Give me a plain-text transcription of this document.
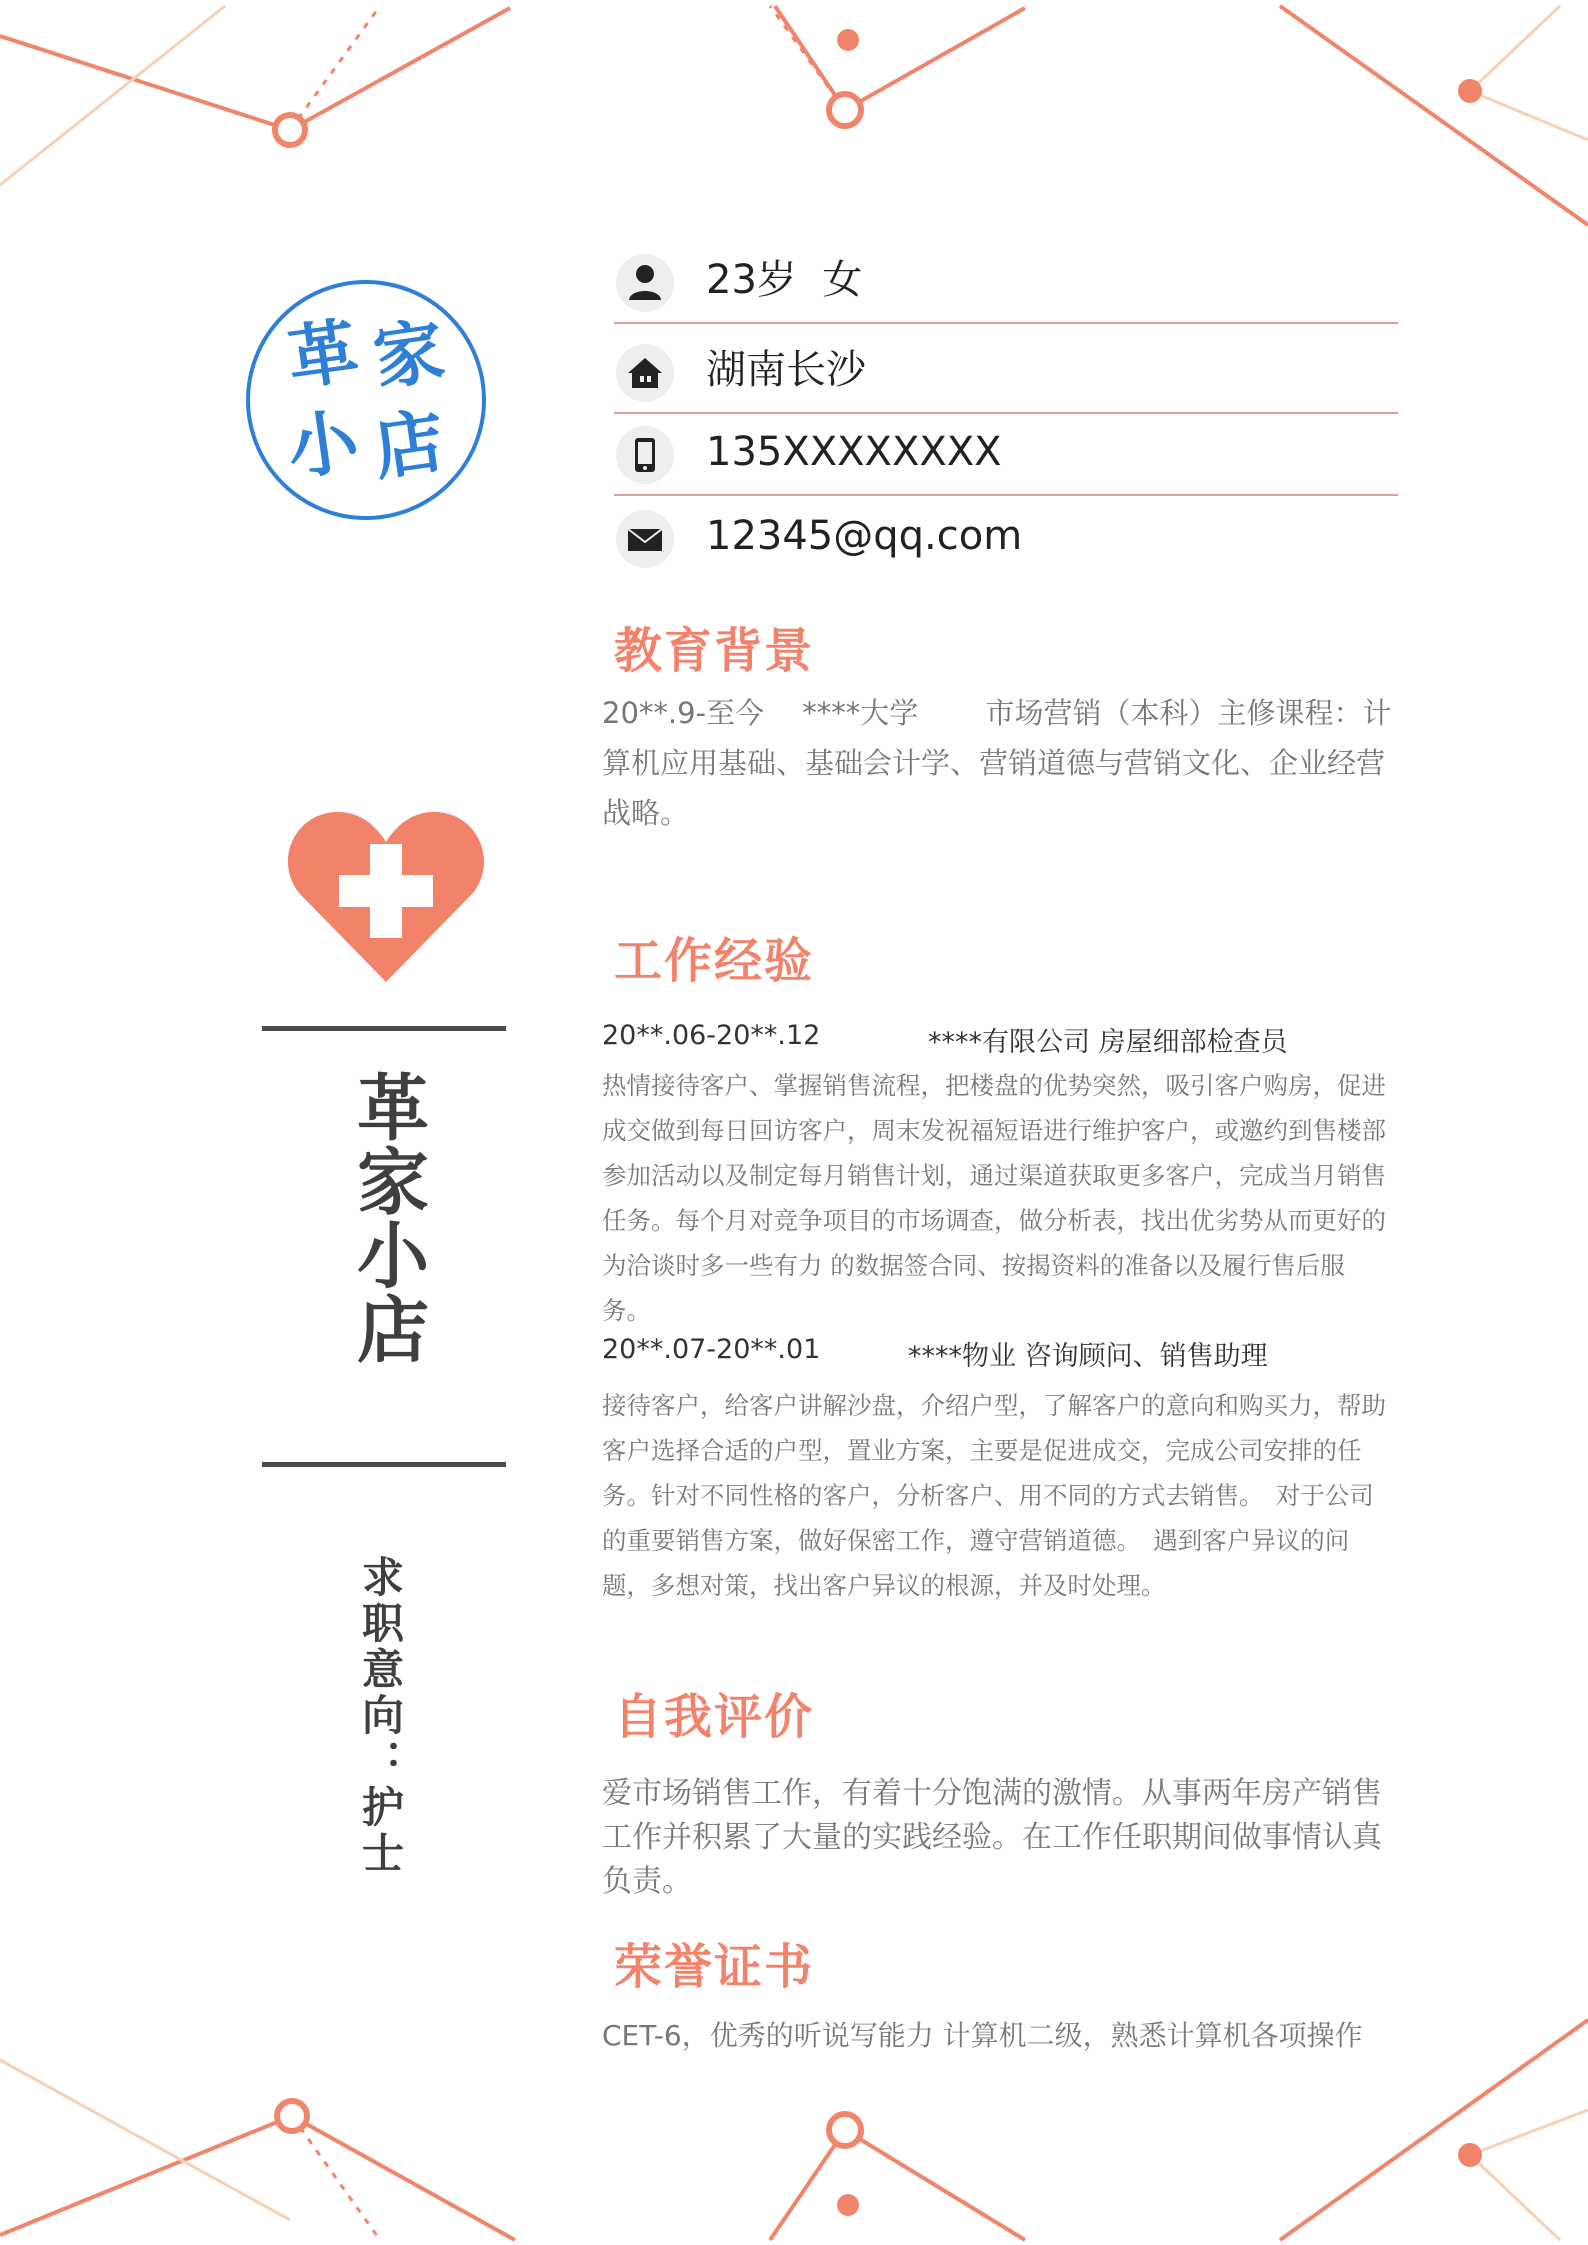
革 家
小 店
革家小店
求职意向：护士
23岁  女
湖南长沙
135XXXXXXXX
12345@qq.com
教育背景
20**.9-至今　 ****大学　　 市场营销（本科）主修课程：计算机应用基础、基础会计学、营销道德与营销文化、企业经营战略。
工作经验
20**.06-20**.12	****有限公司 房屋细部检查员
热情接待客户、掌握销售流程，把楼盘的优势突然，吸引客户购房，促进成交做到每日回访客户，周末发祝福短语进行维护客户，或邀约到售楼部参加活动以及制定每月销售计划，通过渠道获取更多客户，完成当月销售任务。每个月对竞争项目的市场调查，做分析表，找出优劣势从而更好的为洽谈时多一些有力 的数据签合同、按揭资料的准备以及履行售后服务。
20**.07-20**.01	****物业 咨询顾问、销售助理
接待客户，给客户讲解沙盘，介绍户型，了解客户的意向和购买力，帮助客户选择合适的户型，置业方案，主要是促进成交，完成公司安排的任务。针对不同性格的客户，分析客户、用不同的方式去销售。　对于公司的重要销售方案，做好保密工作，遵守营销道德。　遇到客户异议的问题，多想对策，找出客户异议的根源，并及时处理。
自我评价
爱市场销售工作，有着十分饱满的激情。从事两年房产销售工作并积累了大量的实践经验。在工作任职期间做事情认真负责。
荣誉证书
CET-6，优秀的听说写能力 计算机二级，熟悉计算机各项操作
